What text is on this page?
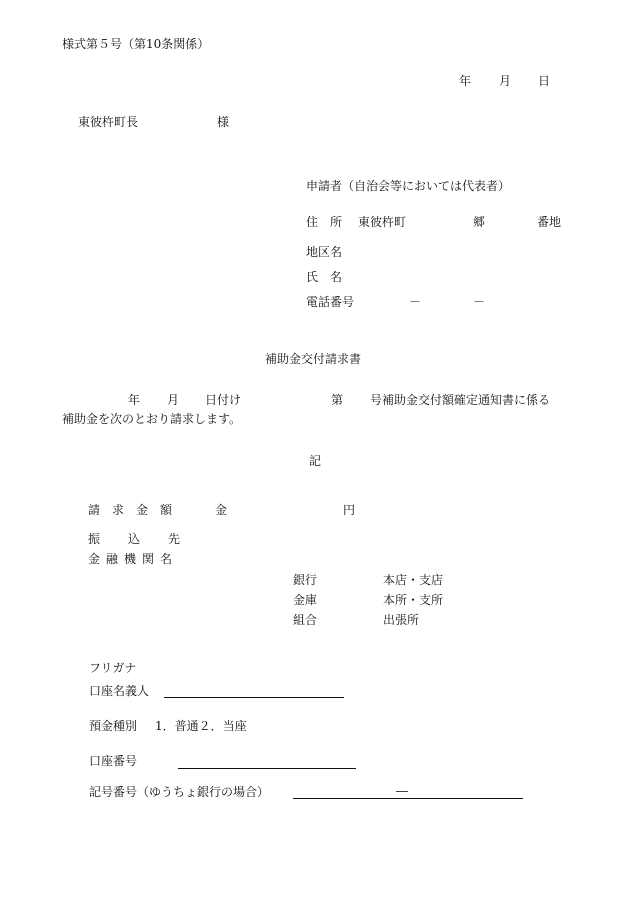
様式第５号（第10条関係）
年 月 日
東彼杵町長	様
申請者（自治会等においては代表者）
住　所 東彼杵町	郷	番地
地区名
氏　名
電話番号	－	－
補助金交付請求書
年 月 日付け	第 号補助金交付額確定通知書に係る
補助金を次のとおり請求します。
記
請求金額	金	円
振込先
金融機関名
銀行	本店・支店
金庫	本所・支所
組合	出張所
フリガナ
口座名義人
預金種別 1．普通２．当座
口座番号
記号番号（ゆうちょ銀行の場合）	―
